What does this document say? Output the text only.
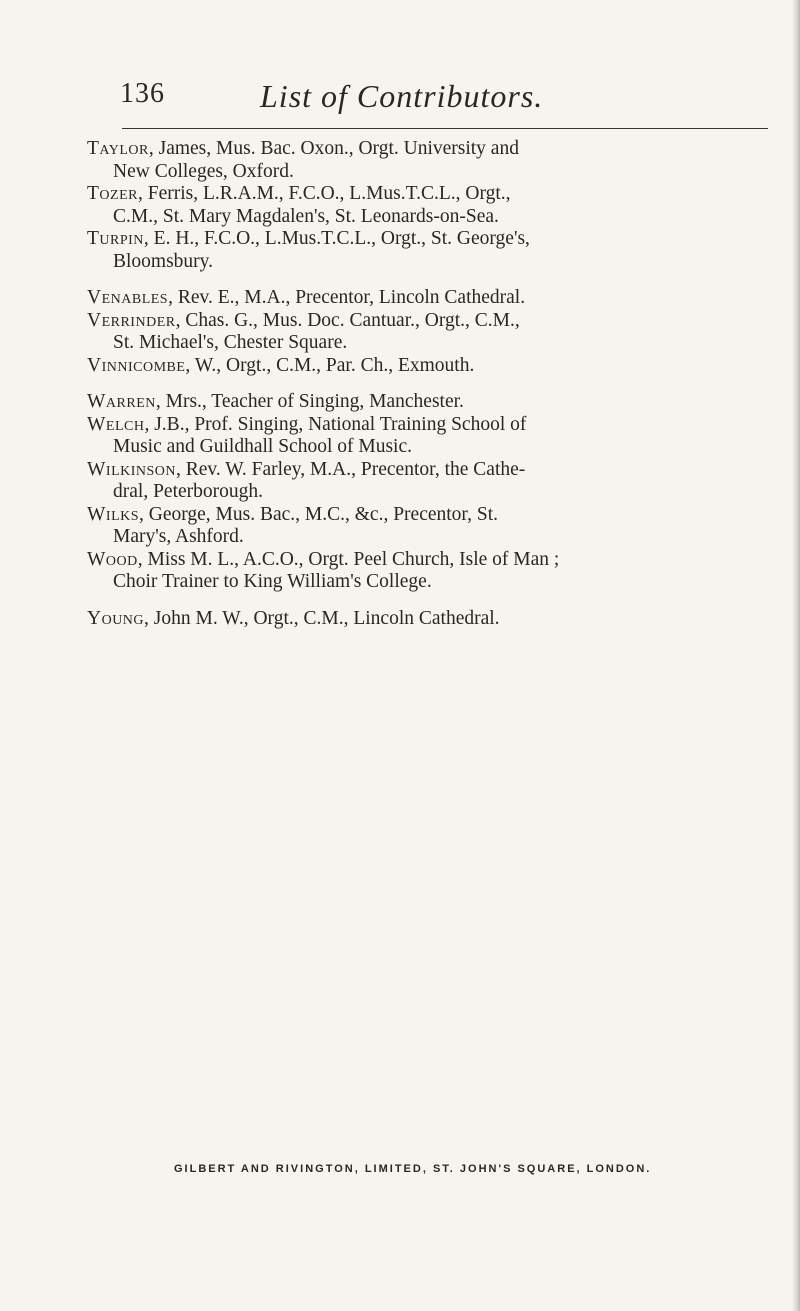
136	List of Contributors.

Taylor, James, Mus. Bac. Oxon., Orgt. University and
New Colleges, Oxford.

Tozer, Ferris, L.R.A.M., F.C.O., L.Mus.T.C.L., Orgt.,
C.M., St. Mary Magdalen's, St. Leonards-on-Sea.

Turpin, E. H., F.C.O., L.Mus.T.C.L., Orgt., St. George's,
Bloomsbury.

Venables, Rev. E., M.A., Precentor, Lincoln Cathedral.

Verrinder, Chas. G., Mus. Doc. Cantuar., Orgt., C.M.,
St. Michael's, Chester Square.

Vinnicombe, W., Orgt., C.M., Par. Ch., Exmouth.

Warren, Mrs., Teacher of Singing, Manchester.

Welch, J.B., Prof. Singing, National Training School of
Music and Guildhall School of Music.

Wilkinson, Rev. W. Farley, M.A., Precentor, the Cathe-
dral, Peterborough.

Wilks, George, Mus. Bac., M.C., &c., Precentor, St.
Mary's, Ashford.

Wood, Miss M. L., A.C.O., Orgt. Peel Church, Isle of Man ;
Choir Trainer to King William's College.

Young, John M. W., Orgt., C.M., Lincoln Cathedral.

GILBERT AND RIVINGTON, LIMITED, ST. JOHN'S SQUARE, LONDON.
